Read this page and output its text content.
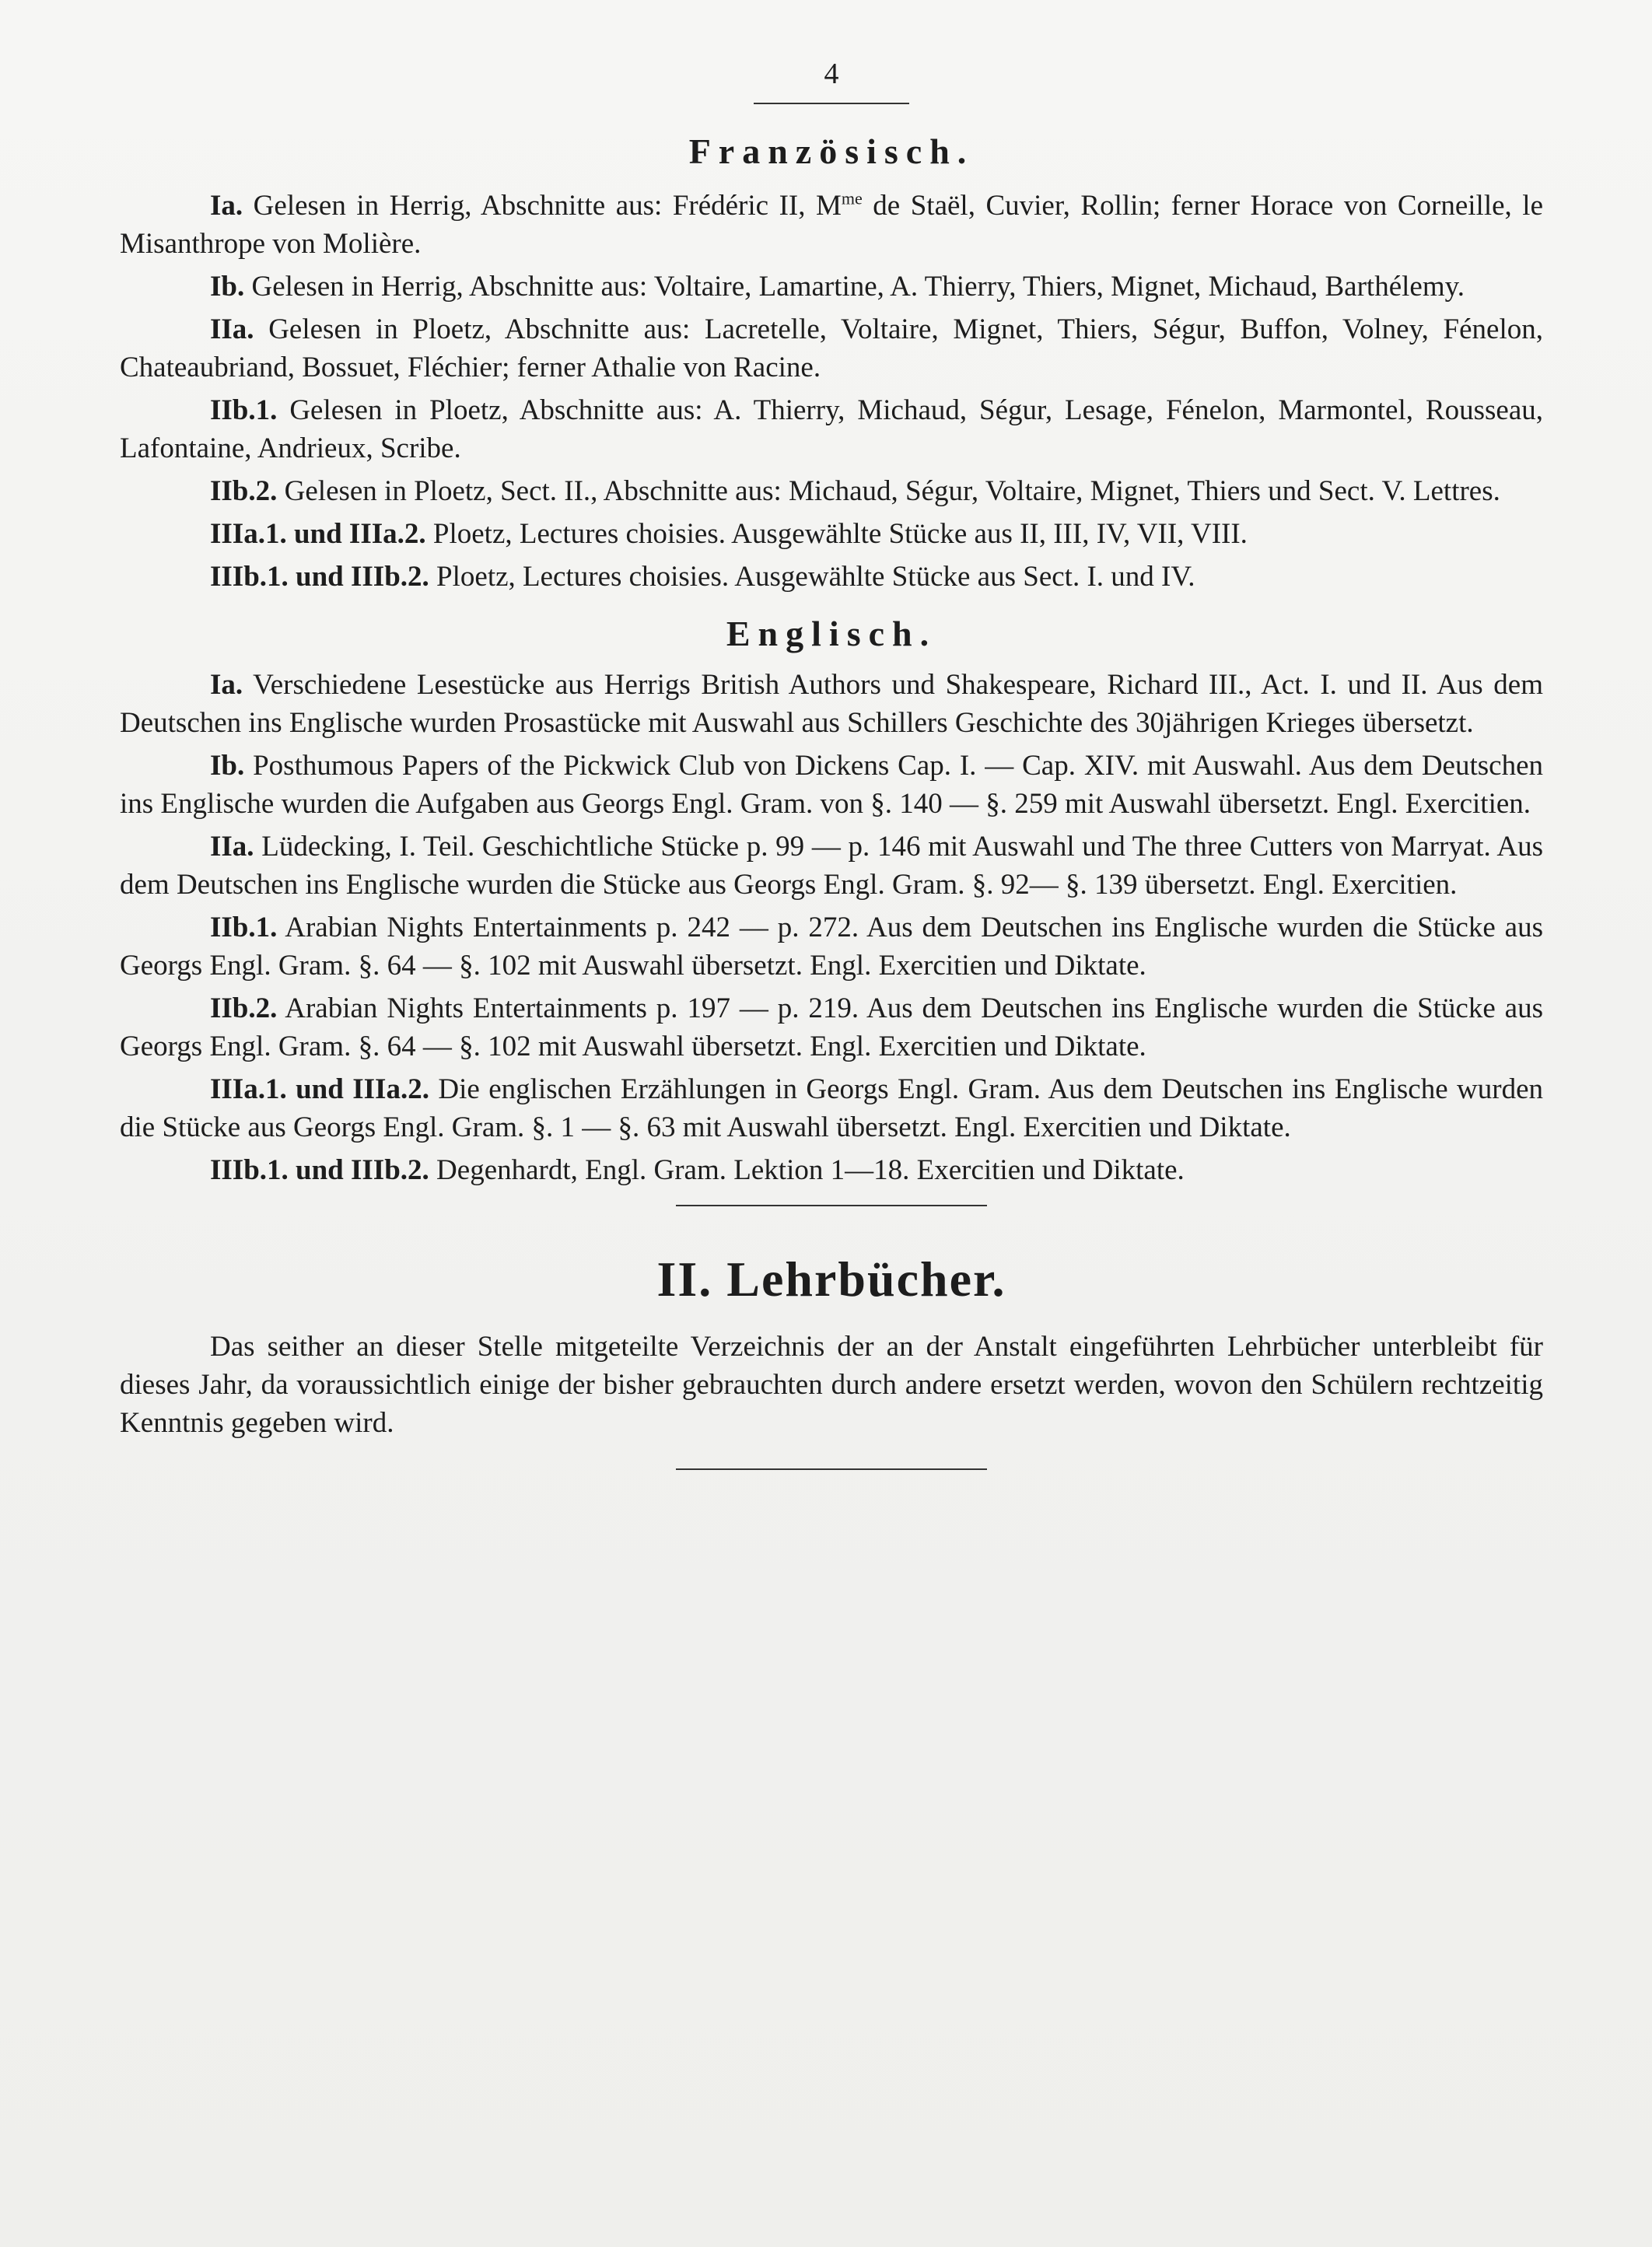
4

Französisch.

Ia. Gelesen in Herrig, Abschnitte aus: Frédéric II, $M^{me}$ de Staël, Cuvier, Rollin; ferner Horace von Corneille, le Misanthrope von Molière.

Ib. Gelesen in Herrig, Abschnitte aus: Voltaire, Lamartine, A. Thierry, Thiers, Mignet, Michaud, Barthélemy.

IIa. Gelesen in Ploetz, Abschnitte aus: Lacretelle, Voltaire, Mignet, Thiers, Ségur, Buffon, Volney, Fénelon, Chateaubriand, Bossuet, Fléchier; ferner Athalie von Racine.

IIb.1. Gelesen in Ploetz, Abschnitte aus: A. Thierry, Michaud, Ségur, Lesage, Fénelon, Marmontel, Rousseau, Lafontaine, Andrieux, Scribe.

IIb.2. Gelesen in Ploetz, Sect. II., Abschnitte aus: Michaud, Ségur, Voltaire, Mignet, Thiers und Sect. V. Lettres.

IIIa.1. und IIIa.2. Ploetz, Lectures choisies. Ausgewählte Stücke aus II, III, IV, VII, VIII.

IIIb.1. und IIIb.2. Ploetz, Lectures choisies. Ausgewählte Stücke aus Sect. I. und IV.

Englisch.

Ia. Verschiedene Lesestücke aus Herrigs British Authors und Shakespeare, Richard III., Act. I. und II. Aus dem Deutschen ins Englische wurden Prosastücke mit Auswahl aus Schillers Geschichte des 30jährigen Krieges übersetzt.

Ib. Posthumous Papers of the Pickwick Club von Dickens Cap. I. — Cap. XIV. mit Auswahl. Aus dem Deutschen ins Englische wurden die Aufgaben aus Georgs Engl. Gram. von §. 140 — §. 259 mit Auswahl übersetzt. Engl. Exercitien.

IIa. Lüdecking, I. Teil. Geschichtliche Stücke p. 99 — p. 146 mit Auswahl und The three Cutters von Marryat. Aus dem Deutschen ins Englische wurden die Stücke aus Georgs Engl. Gram. §. 92— §. 139 übersetzt. Engl. Exercitien.

IIb.1. Arabian Nights Entertainments p. 242 — p. 272. Aus dem Deutschen ins Englische wurden die Stücke aus Georgs Engl. Gram. §. 64 — §. 102 mit Auswahl übersetzt. Engl. Exercitien und Diktate.

IIb.2. Arabian Nights Entertainments p. 197 — p. 219. Aus dem Deutschen ins Englische wurden die Stücke aus Georgs Engl. Gram. §. 64 — §. 102 mit Auswahl übersetzt. Engl. Exercitien und Diktate.

IIIa.1. und IIIa.2. Die englischen Erzählungen in Georgs Engl. Gram. Aus dem Deutschen ins Englische wurden die Stücke aus Georgs Engl. Gram. §. 1 — §. 63 mit Auswahl übersetzt. Engl. Exercitien und Diktate.

IIIb.1. und IIIb.2. Degenhardt, Engl. Gram. Lektion 1—18. Exercitien und Diktate.

II. Lehrbücher.

Das seither an dieser Stelle mitgeteilte Verzeichnis der an der Anstalt eingeführten Lehrbücher unterbleibt für dieses Jahr, da voraussichtlich einige der bisher gebrauchten durch andere ersetzt werden, wovon den Schülern rechtzeitig Kenntnis gegeben wird.
